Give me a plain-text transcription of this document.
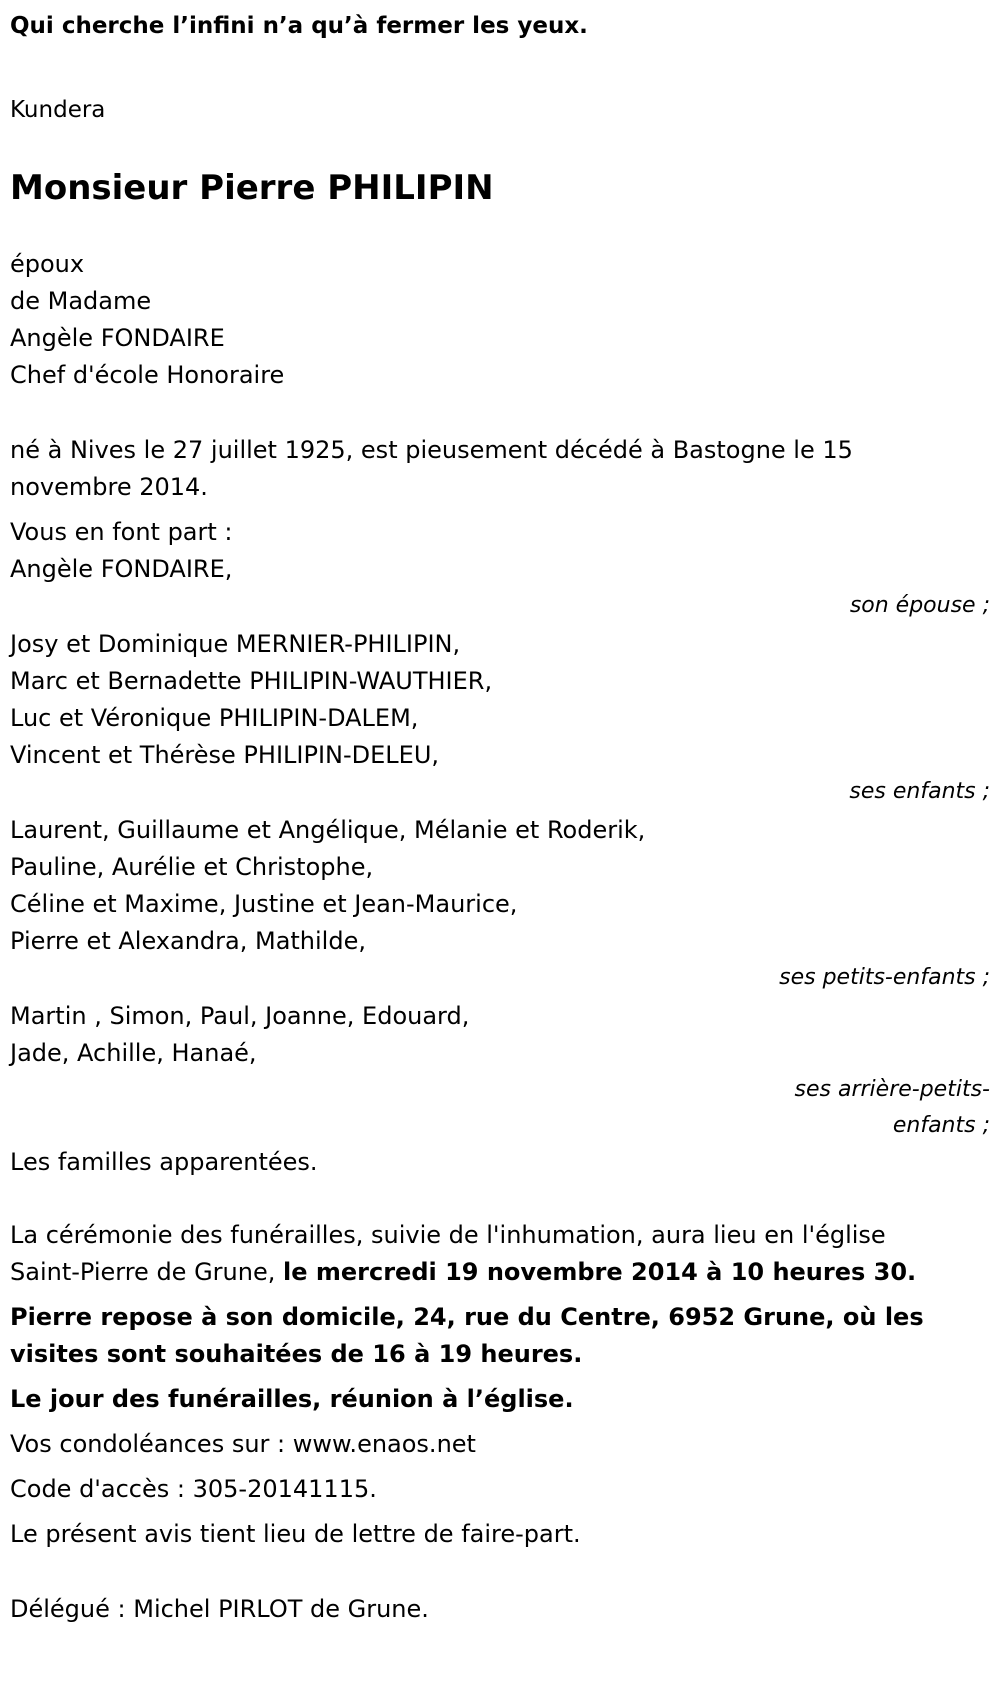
Qui cherche l’infini n’a qu’à fermer les yeux.
Kundera
Monsieur Pierre PHILIPIN
époux
de Madame
Angèle FONDAIRE
Chef d'école Honoraire
né à Nives le 27 juillet 1925, est pieusement décédé à Bastogne le 15
novembre 2014.
Vous en font part :
Angèle FONDAIRE,
son épouse ;
Josy et Dominique MERNIER-PHILIPIN,
Marc et Bernadette PHILIPIN-WAUTHIER,
Luc et Véronique PHILIPIN-DALEM,
Vincent et Thérèse PHILIPIN-DELEU,
ses enfants ;
Laurent, Guillaume et Angélique, Mélanie et Roderik,
Pauline, Aurélie et Christophe,
Céline et Maxime, Justine et Jean-Maurice,
Pierre et Alexandra, Mathilde,
ses petits-enfants ;
Martin , Simon, Paul, Joanne, Edouard,
Jade, Achille, Hanaé,
ses arrière-petits-
enfants ;
Les familles apparentées.
La cérémonie des funérailles, suivie de l'inhumation, aura lieu en l'église
Saint-Pierre de Grune, le mercredi 19 novembre 2014 à 10 heures 30.
Pierre repose à son domicile, 24, rue du Centre, 6952 Grune, où les
visites sont souhaitées de 16 à 19 heures.
Le jour des funérailles, réunion à l’église.
Vos condoléances sur : www.enaos.net
Code d'accès : 305-20141115.
Le présent avis tient lieu de lettre de faire-part.
Délégué : Michel PIRLOT de Grune.
